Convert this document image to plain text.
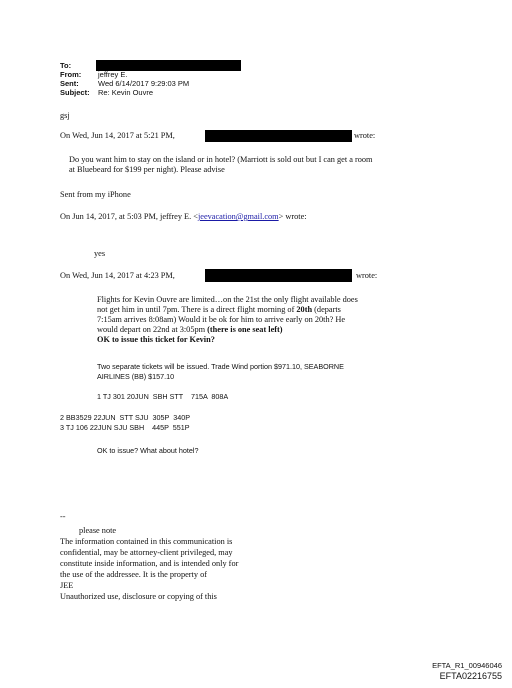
To:
From: jeffrey E.
Sent:	Wed 6/14/2017 9:29:03 PM
Subject: Re: Kevin Ouvre
gsj
On Wed, Jun 14, 2017 at 5:21 PM,	wrote:
Do you want him to stay on the island or in hotel? (Marriott is sold out but I can get a room
at Bluebeard for $199 per night). Please advise
Sent from my iPhone
On Jun 14, 2017, at 5:03 PM, jeffrey E. <jeevacation@gmail.com> wrote:
yes
On Wed, Jun 14, 2017 at 4:23 PM,	wrote:
Flights for Kevin Ouvre are limited…on the 21st the only flight available does
not get him in until 7pm. There is a direct flight morning of 20th (departs
7:15am arrives 8:08am) Would it be ok for him to arrive early on 20th? He
would depart on 22nd at 3:05pm (there is one seat left)
OK to issue this ticket for Kevin?
Two separate tickets will be issued. Trade Wind portion $971.10, SEABORNE
AIRLINES (BB) $157.10
1 TJ 301 20JUN  SBH STT    715A  808A
2 BB3529 22JUN  STT SJU  305P  340P
3 TJ 106 22JUN SJU SBH    445P  551P
OK to issue? What about hotel?
--
please note
The information contained in this communication is
confidential, may be attorney-client privileged, may
constitute inside information, and is intended only for
the use of the addressee. It is the property of
JEE
Unauthorized use, disclosure or copying of this
EFTA_R1_00946046
EFTA02216755
